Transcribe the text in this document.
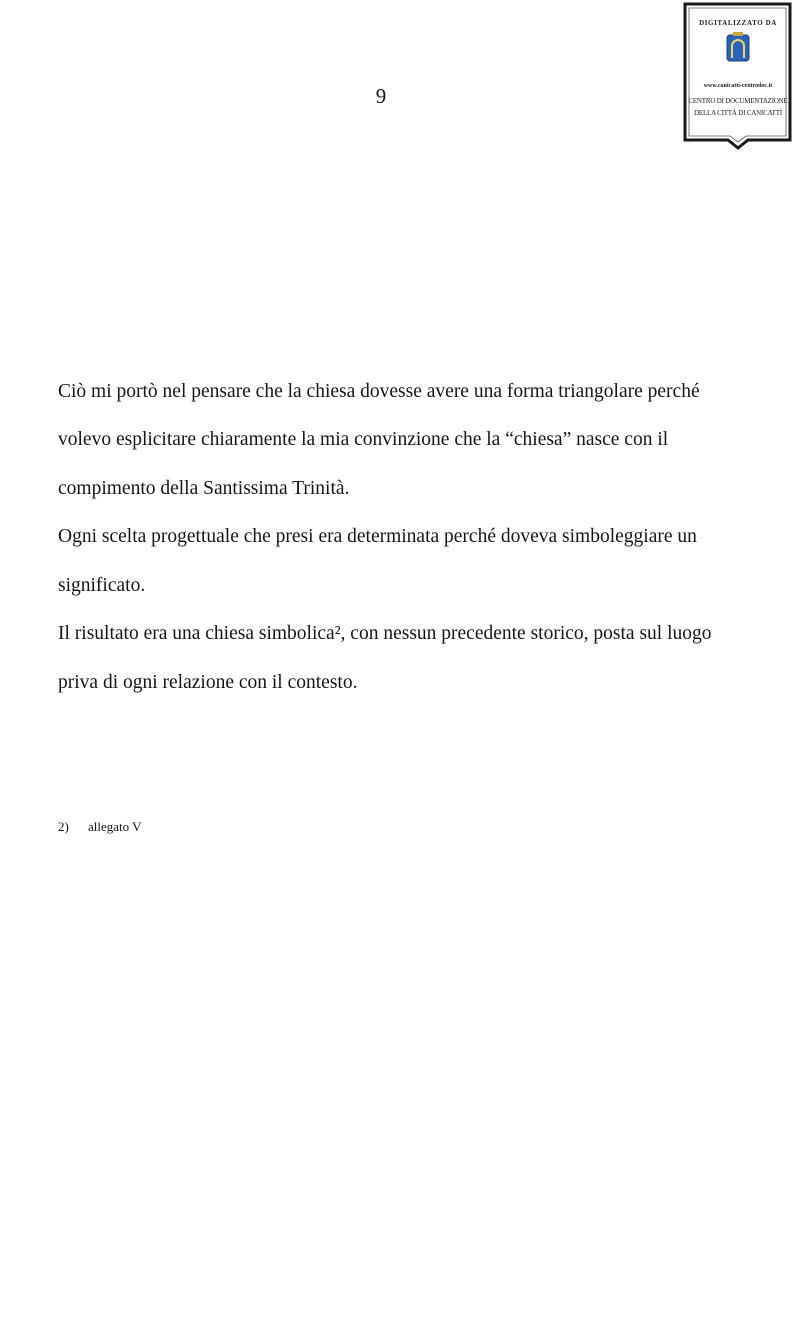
9
DIGITALIZZATO DA
www.canicatti-centrodoc.it
CENTRO DI DOCUMENTAZIONE
DELLA CITTÀ DI CANICATTÌ
Ciò mi portò nel pensare che la chiesa dovesse avere una forma triangolare perché
volevo esplicitare chiaramente la mia convinzione che la “chiesa” nasce con il
compimento della Santissima Trinità.
Ogni scelta progettuale che presi era determinata perché doveva simboleggiare un
significato.
Il risultato era una chiesa simbolica², con nessun precedente storico, posta sul luogo
priva di ogni relazione con il contesto.
2) allegato V
